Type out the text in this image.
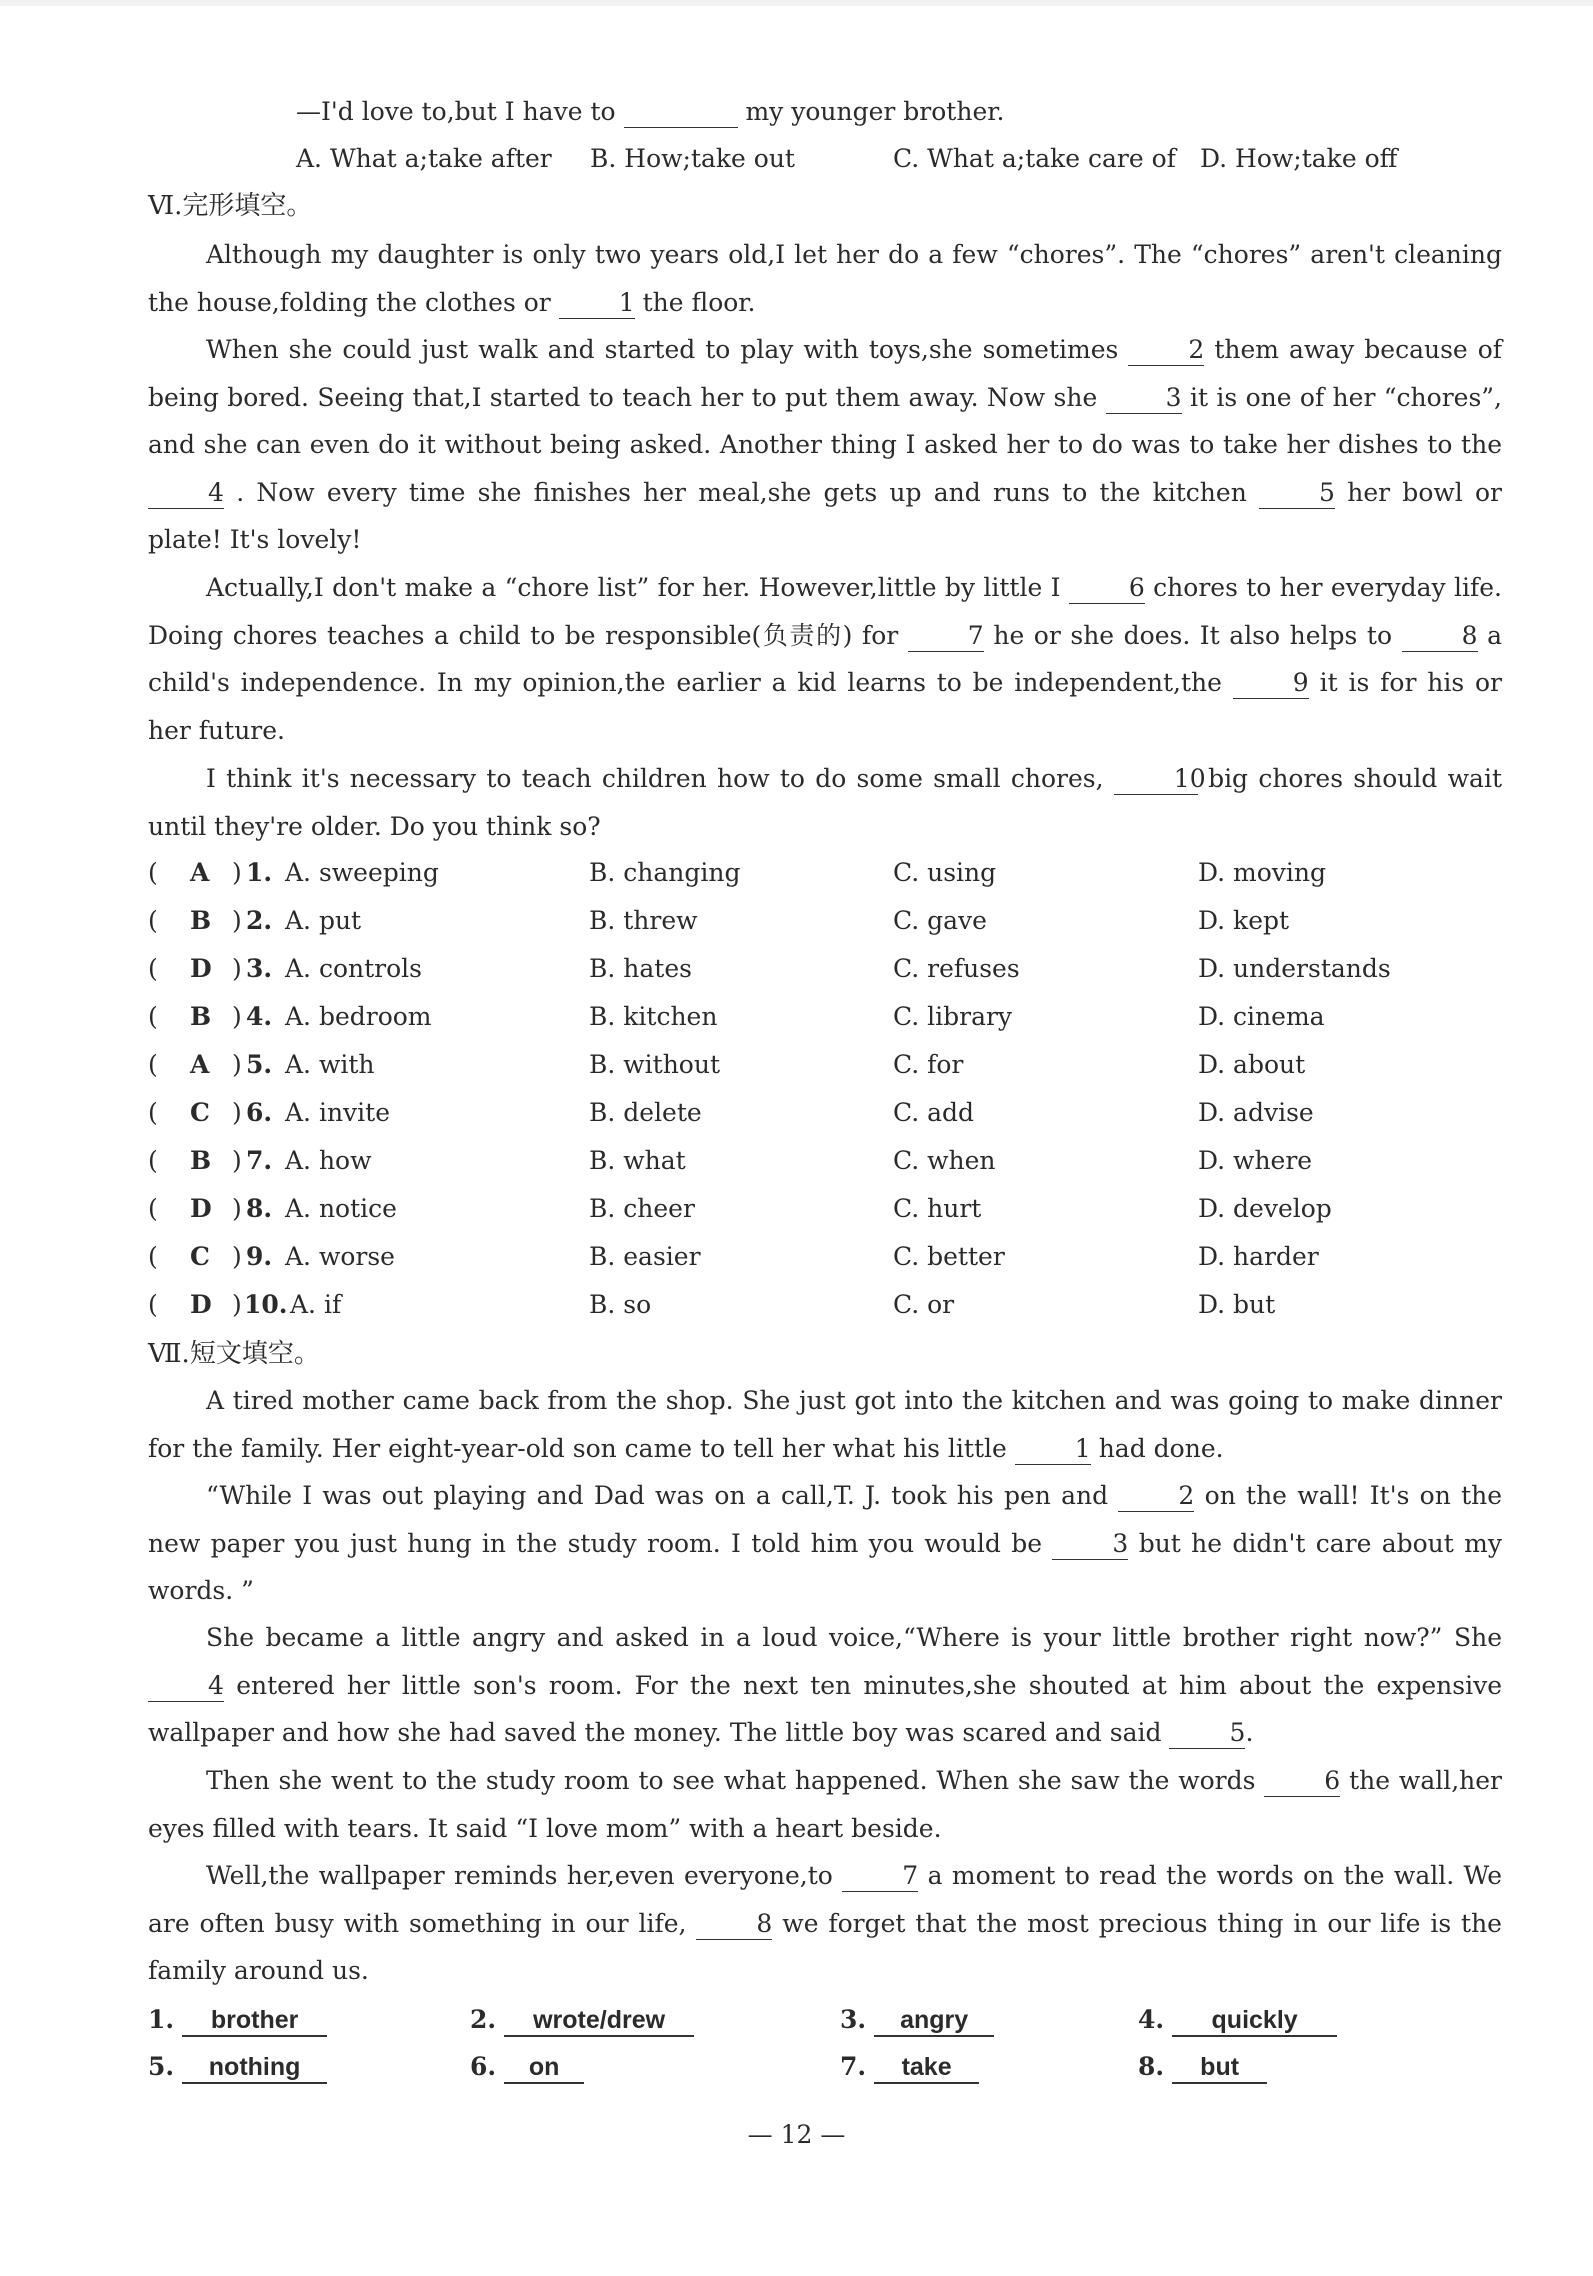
—I'd love to,but I have to	my younger brother.
A. What a;take after B. How;take out	C. What a;take care of D. How;take off
Ⅵ.完形填空。
Although my daughter is only two years old,I let her do a few “chores”. The “chores” aren't cleaning the house,folding the clothes or	1 the floor.
When she could just walk and started to play with toys,she sometimes	2 them away because of being bored. Seeing that,I started to teach her to put them away. Now she	3 it is one of her “chores”, and she can even do it without being asked. Another thing I asked her to do was to take her dishes to the 4 . Now every time she finishes her meal,she gets up and runs to the kitchen	5 her bowl or plate! It's lovely!
Actually,I don't make a “chore list” for her. However,little by little I	6 chores to her everyday life. Doing chores teaches a child to be responsible(负责的) for	7 he or she does. It also helps to	8 a child's independence. In my opinion,the earlier a kid learns to be independent,the	9 it is for his or her future.
I think it's necessary to teach children how to do some small chores,	10 big chores should wait until they're older. Do you think so?
( A ) 1. A. sweeping	B. changing	C. using	D. moving
( B ) 2. A. put	B. threw	C. gave	D. kept
( D ) 3. A. controls	B. hates	C. refuses	D. understands
( B ) 4. A. bedroom	B. kitchen	C. library	D. cinema
( A ) 5. A. with	B. without	C. for	D. about
( C ) 6. A. invite	B. delete	C. add	D. advise
( B ) 7. A. how	B. what	C. when	D. where
( D ) 8. A. notice	B. cheer	C. hurt	D. develop
( C ) 9. A. worse	B. easier	C. better	D. harder
( D ) 10. A. if	B. so	C. or	D. but
Ⅶ.短文填空。
A tired mother came back from the shop. She just got into the kitchen and was going to make dinner for the family. Her eight-year-old son came to tell her what his little	1 had done.
“While I was out playing and Dad was on a call,T. J. took his pen and	2 on the wall! It's on the new paper you just hung in the study room. I told him you would be	3 but he didn't care about my words. ”
She became a little angry and asked in a loud voice,“Where is your little brother right now?” She 4 entered her little son's room. For the next ten minutes,she shouted at him about the expensive wallpaper and how she had saved the money. The little boy was scared and said	5.
Then she went to the study room to see what happened. When she saw the words	6 the wall,her eyes filled with tears. It said “I love mom” with a heart beside.
Well,the wallpaper reminds her,even everyone,to	7 a moment to read the words on the wall. We are often busy with something in our life,	8 we forget that the most precious thing in our life is the family around us.
1. brother	2. wrote/drew	3. angry	4. quickly
5. nothing	6. on	7. take	8. but
— 12 —
